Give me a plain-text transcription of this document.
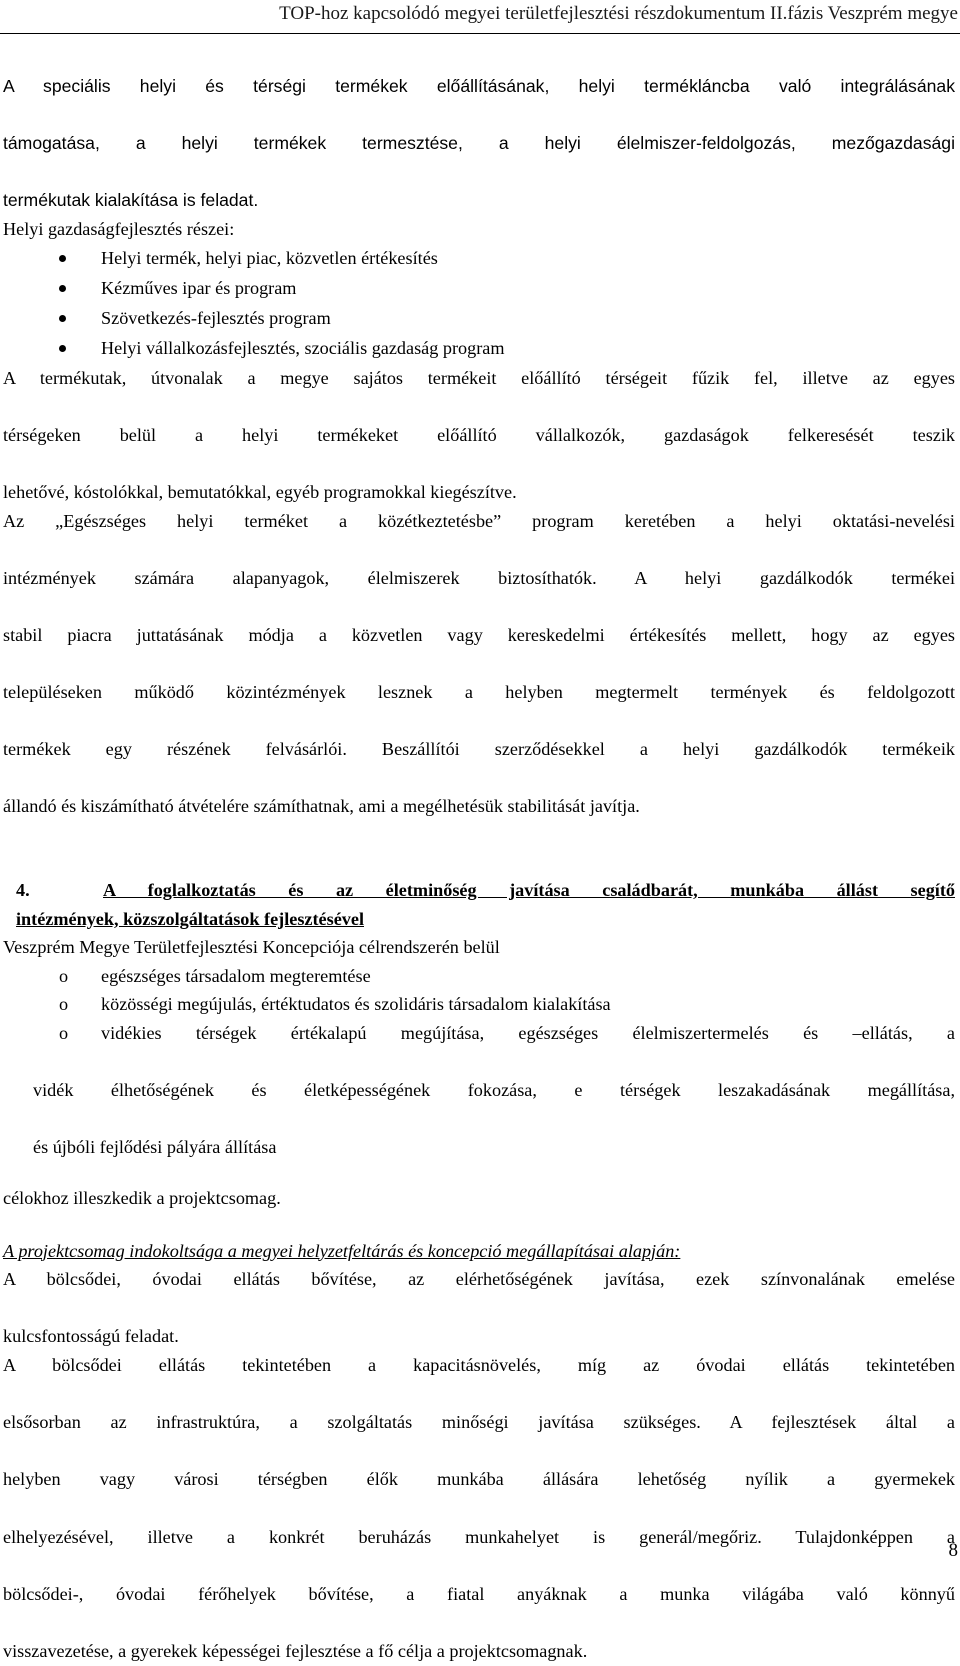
TOP-hoz kapcsolódó megyei területfejlesztési részdokumentum II.fázis Veszprém megye

A speciális helyi és térségi termékek előállításának, helyi termékláncba való integrálásának

támogatása, a helyi termékek termesztése, a helyi élelmiszer-feldolgozás, mezőgazdasági

termékutak kialakítása is feladat.

Helyi gazdaságfejlesztés részei:

Helyi termék, helyi piac, közvetlen értékesítés
Kézműves ipar és program
Szövetkezés-fejlesztés program
Helyi vállalkozásfejlesztés, szociális gazdaság program

A termékutak, útvonalak a megye sajátos termékeit előállító térségeit fűzik fel, illetve az egyes

térségeken belül a helyi termékeket előállító vállalkozók, gazdaságok felkeresését teszik

lehetővé, kóstolókkal, bemutatókkal, egyéb programokkal kiegészítve.

Az „Egészséges helyi terméket a közétkeztetésbe” program keretében a helyi oktatási-nevelési

intézmények számára alapanyagok, élelmiszerek biztosíthatók. A helyi gazdálkodók termékei

stabil piacra juttatásának módja a közvetlen vagy kereskedelmi értékesítés mellett, hogy az egyes

településeken működő közintézmények lesznek a helyben megtermelt termények és feldolgozott

termékek egy részének felvásárlói. Beszállítói szerződésekkel a helyi gazdálkodók termékeik

állandó és kiszámítható átvételére számíthatnak, ami a megélhetésük stabilitását javítja.

4.	A foglalkoztatás és az életminőség javítása családbarát, munkába állást segítő
intézmények, közszolgáltatások fejlesztésével

Veszprém Megye Területfejlesztési Koncepciója célrendszerén belül

o egészséges társadalom megteremtése
o közösségi megújulás, értéktudatos és szolidáris társadalom kialakítása
o	vidékies térségek értékalapú megújítása, egészséges élelmiszertermelés és –ellátás, a

vidék élhetőségének és életképességének fokozása, e térségek leszakadásának megállítása,

és újbóli fejlődési pályára állítása

célokhoz illeszkedik a projektcsomag.

A projektcsomag indokoltsága a megyei helyzetfeltárás és koncepció megállapításai alapján:

A bölcsődei, óvodai ellátás bővítése, az elérhetőségének javítása, ezek színvonalának emelése

kulcsfontosságú feladat.

A bölcsődei ellátás tekintetében a kapacitásnövelés, míg az óvodai ellátás tekintetében

elsősorban az infrastruktúra, a szolgáltatás minőségi javítása szükséges. A fejlesztések által a

helyben vagy városi térségben élők munkába állására lehetőség nyílik a gyermekek

elhelyezésével, illetve a konkrét beruházás munkahelyet is generál/megőriz. Tulajdonképpen a

bölcsődei-, óvodai férőhelyek bővítése, a fiatal anyáknak a munka világába való könnyű

visszavezetése, a gyerekek képességei fejlesztése a fő célja a projektcsomagnak.

8
